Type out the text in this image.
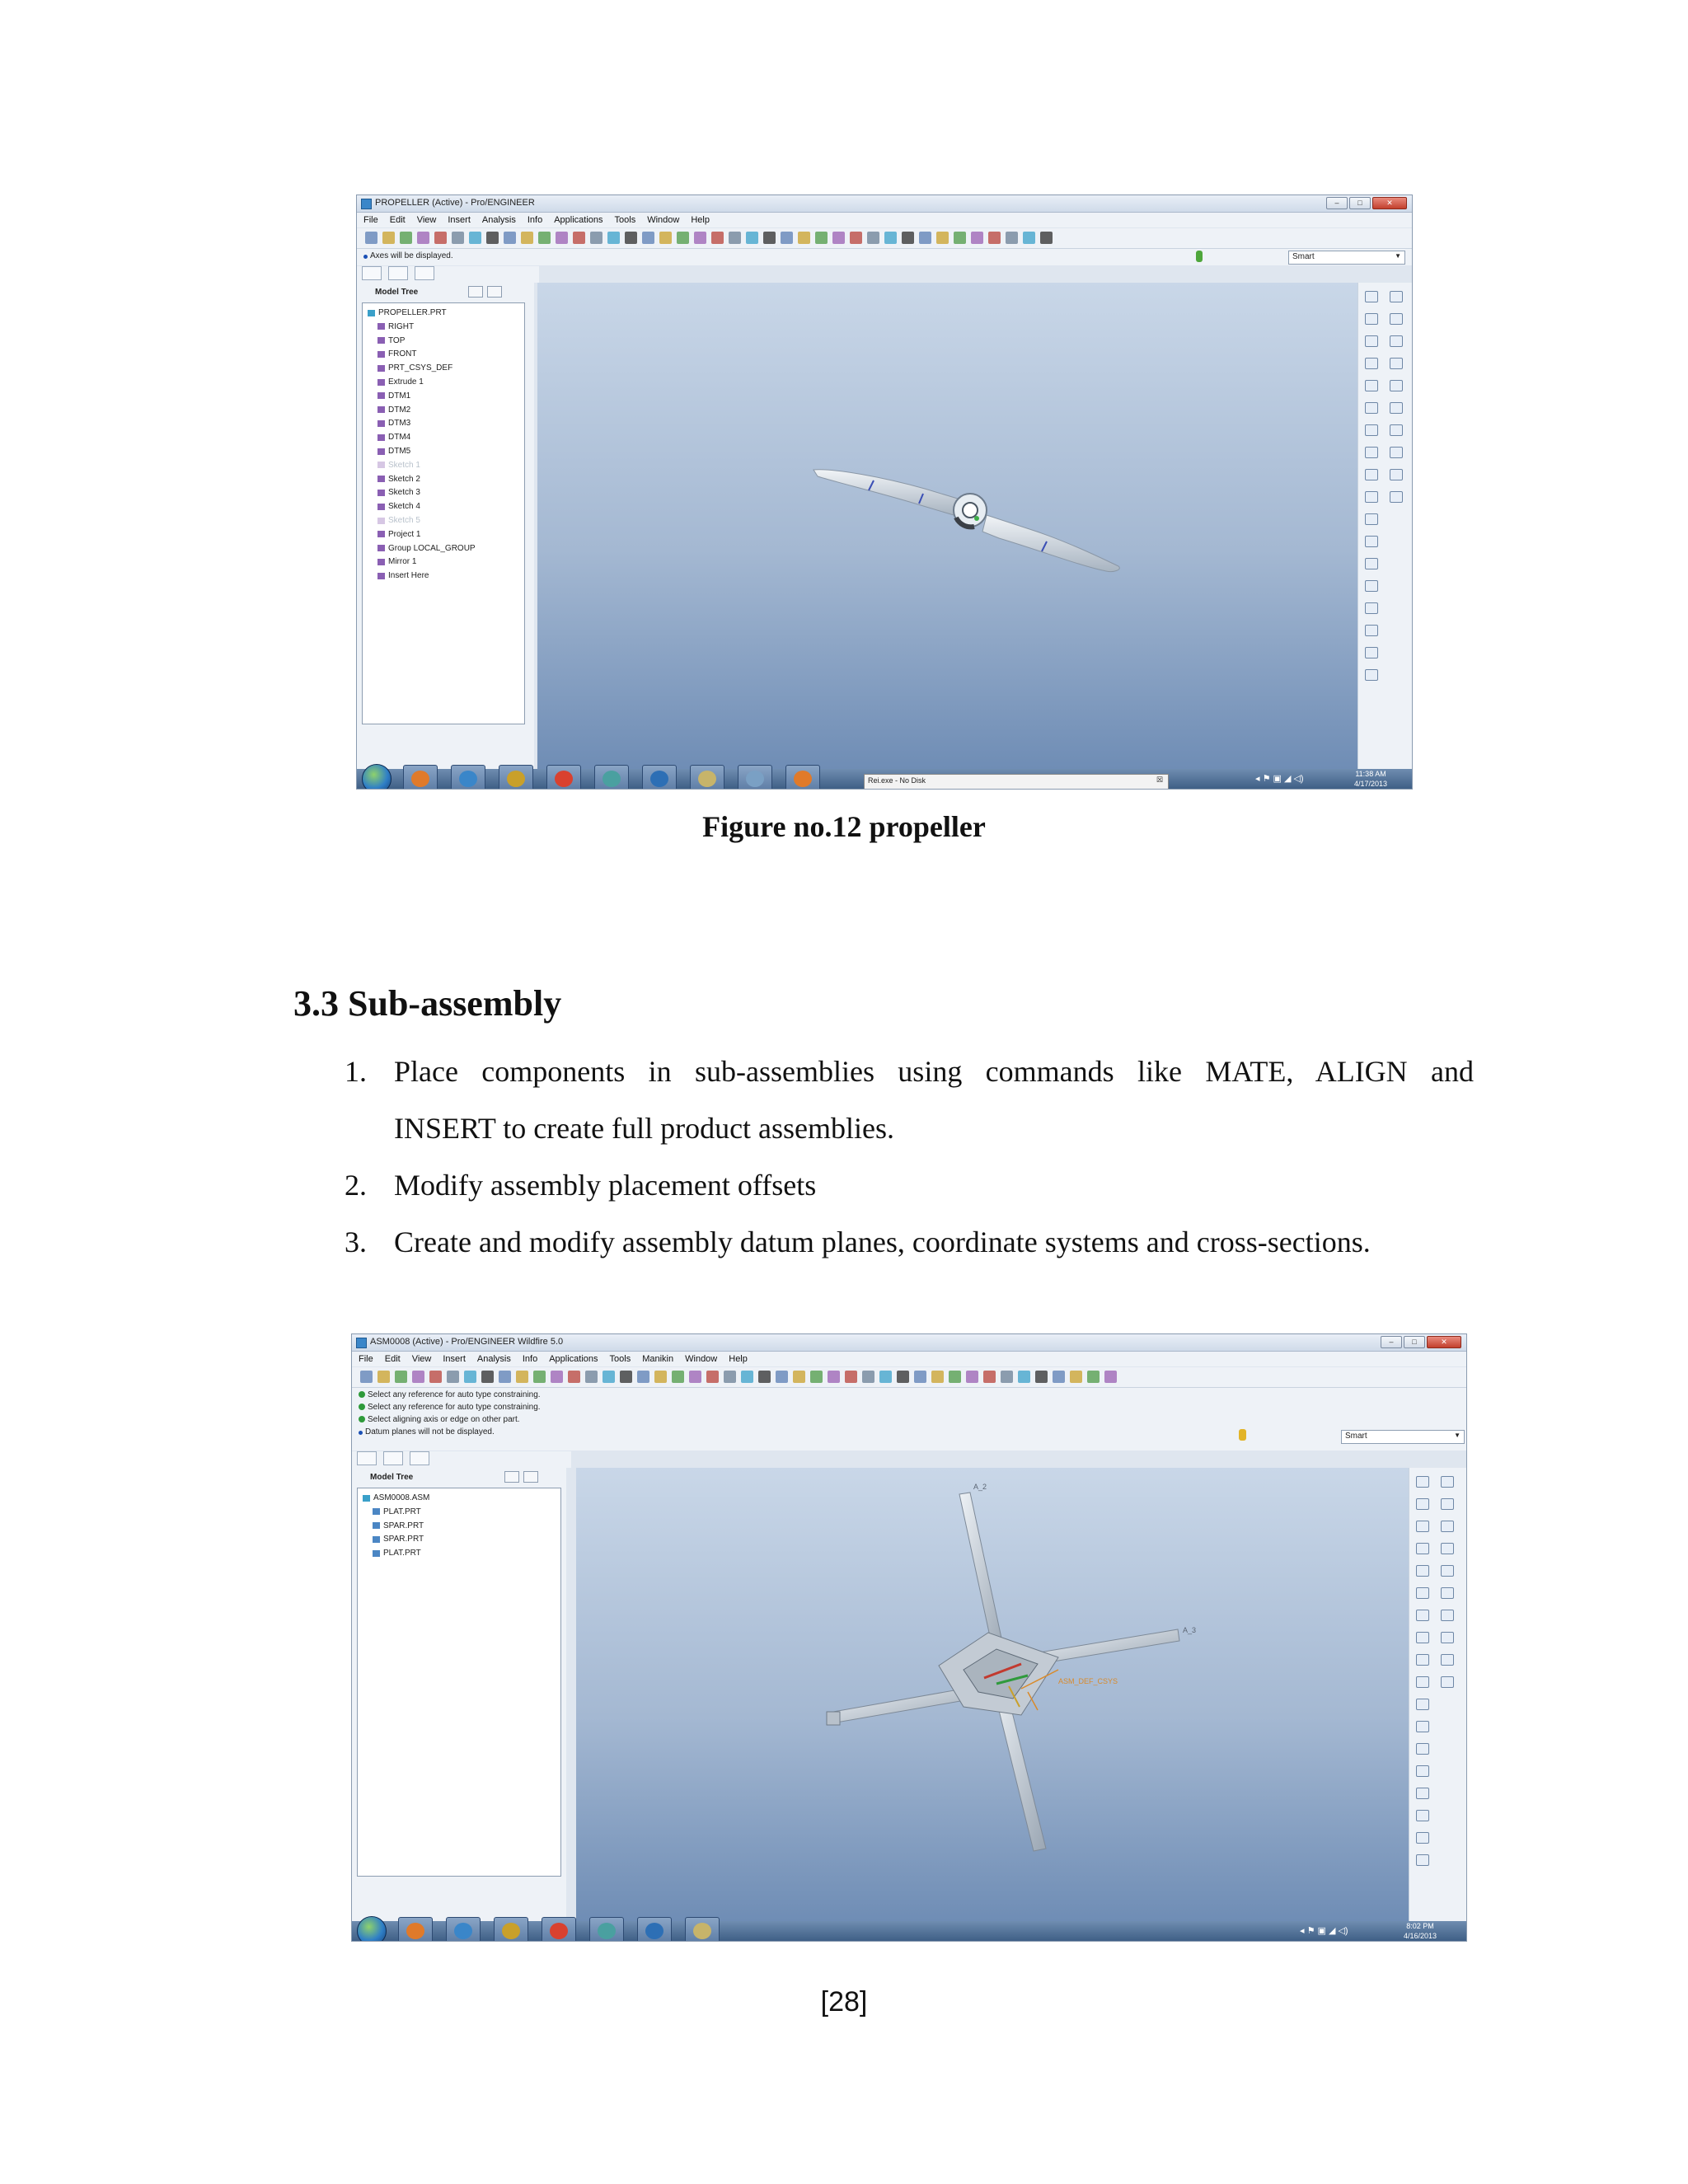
PROPELLER (Active) - Pro/ENGINEER	–	□	✕
File Edit View Insert Analysis Info Applications Tools Window Help
Axes will be displayed.	Smart	▼
Model Tree
PROPELLER.PRT
RIGHT
TOP
FRONT
PRT_CSYS_DEF
Extrude 1
DTM1
DTM2
DTM3
DTM4
DTM5
Sketch 1
Sketch 2
Sketch 3
Sketch 4
Sketch 5
Project 1
Group LOCAL_GROUP
Mirror 1
Insert Here
Rei.exe - No Disk	☒	◂ ⚑ ▣ ◢ ◁)	11:38 AM
4/17/2013
Figure no.12 propeller
3.3 Sub-assembly
1. Place components in sub-assemblies using commands like MATE, ALIGN and
INSERT to create full product assemblies.
2. Modify assembly placement offsets
3. Create and modify assembly datum planes, coordinate systems and cross-sections.
ASM0008 (Active) - Pro/ENGINEER Wildfire 5.0	–	□	✕
File Edit View Insert Analysis Info Applications Tools Manikin Window Help
Select any reference for auto type constraining.
Select any reference for auto type constraining.
Select aligning axis or edge on other part.
Datum planes will not be displayed.	Smart	▼
Model Tree
ASM0008.ASM
PLAT.PRT
SPAR.PRT
SPAR.PRT
PLAT.PRT
A_2
A_3
ASM_DEF_CSYS
◂ ⚑ ▣ ◢ ◁)	8:02 PM
4/16/2013
[28]
